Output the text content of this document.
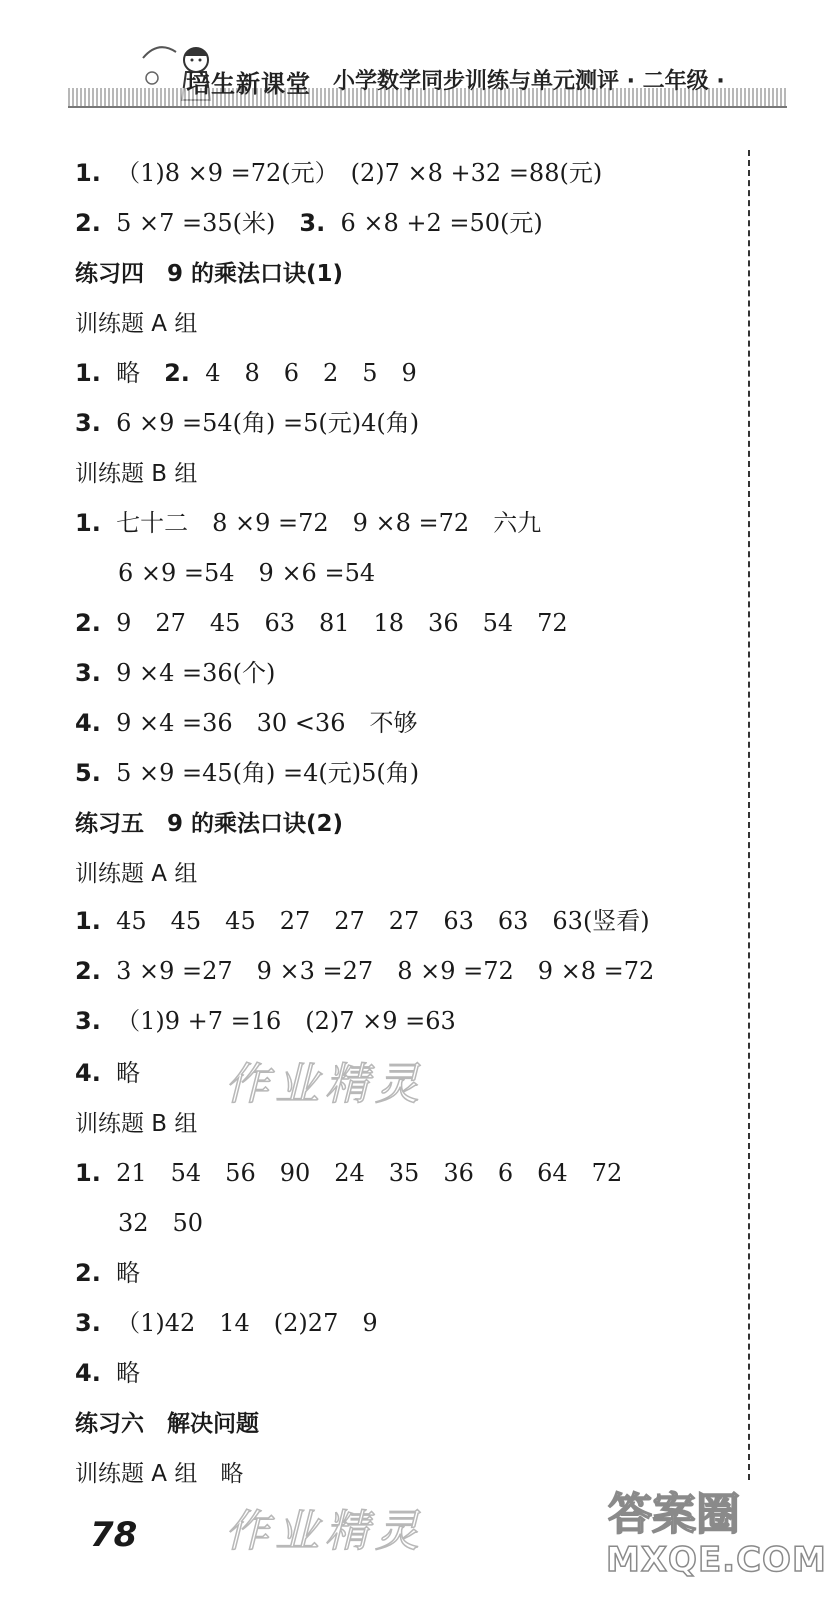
培生新课堂 小学数学同步训练与单元测评 · 二年级 ·
1. （1)8 ×9 =72(元）　(2)7 ×8 +32 =88(元)
2. 5 ×7 =35(米)　3. 6 ×8 +2 =50(元)
练习四　9 的乘法口诀(1)
训练题 A 组
1. 略　2. 4　8　6　2　5　9
3. 6 ×9 =54(角) =5(元)4(角)
训练题 B 组
1. 七十二　8 ×9 =72　9 ×8 =72　六九
6 ×9 =54　9 ×6 =54
2. 9　27　45　63　81　18　36　54　72
3. 9 ×4 =36(个)
4. 9 ×4 =36　30 <36　不够
5. 5 ×9 =45(角) =4(元)5(角)
练习五　9 的乘法口诀(2)
训练题 A 组
1. 45　45　45　27　27　27　63　63　63(竖看)
2. 3 ×9 =27　9 ×3 =27　8 ×9 =72　9 ×8 =72
3. （1)9 +7 =16　(2)7 ×9 =63
4. 略
训练题 B 组
1. 21　54　56　90　24　35　36　6　64　72
32　50
2. 略
3. （1)42　14　(2)27　9
4. 略
练习六　解决问题
训练题 A 组　略
作业精灵
作业精灵
78	答案圈
MXQE.COM
